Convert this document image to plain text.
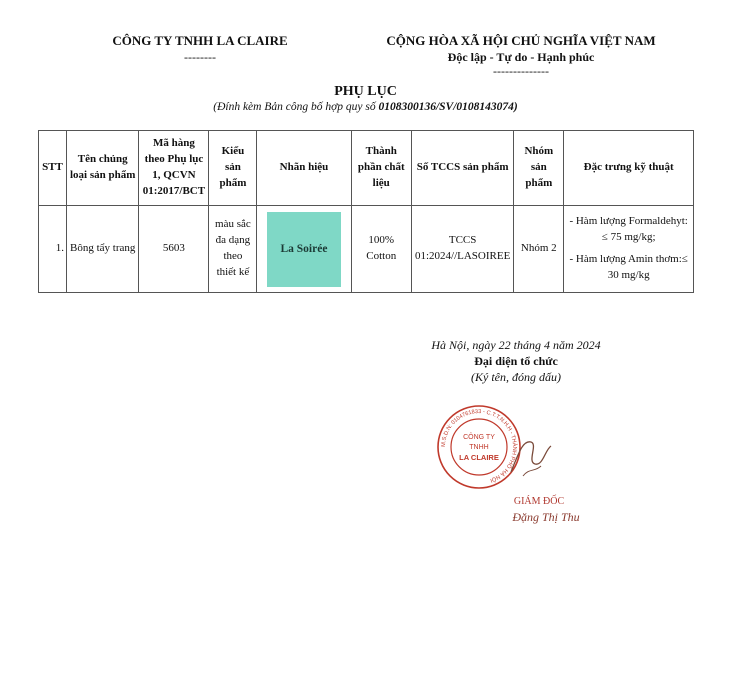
CÔNG TY TNHH LA CLAIRE
--------
CỘNG HÒA XÃ HỘI CHỦ NGHĨA VIỆT NAM
Độc lập - Tự do - Hạnh phúc
--------------
PHỤ LỤC
(Đính kèm Bản công bố hợp quy số 0108300136/SV/0108143074)
STT	Tên chủng loại sản phẩm	Mã hàng theo Phụ lục 1, QCVN 01:2017/BCT	Kiểu sản phẩm	Nhãn hiệu	Thành phần chất liệu	Số TCCS sản phẩm	Nhóm sản phẩm	Đặc trưng kỹ thuật
1.	Bông tẩy trang	5603	màu sắc đa dạng theo thiết kế	La Soirée	100% Cotton	TCCS 01:2024//LASOIREE	Nhóm 2	- Hàm lượng Formaldehyt: ≤ 75 mg/kg;
- Hàm lượng Amin thơm:≤ 30 mg/kg
Hà Nội, ngày 22 tháng 4 năm 2024
Đại diện tổ chức
(Ký tên, đóng dấu)
M.S.D.N: 0104761833 - C.T.T.N.H.H - THÀNH PHỐ HÀ NỘI
CÔNG TY
TNHH
LA CLAIRE
GIÁM ĐỐC
Đặng Thị Thu
